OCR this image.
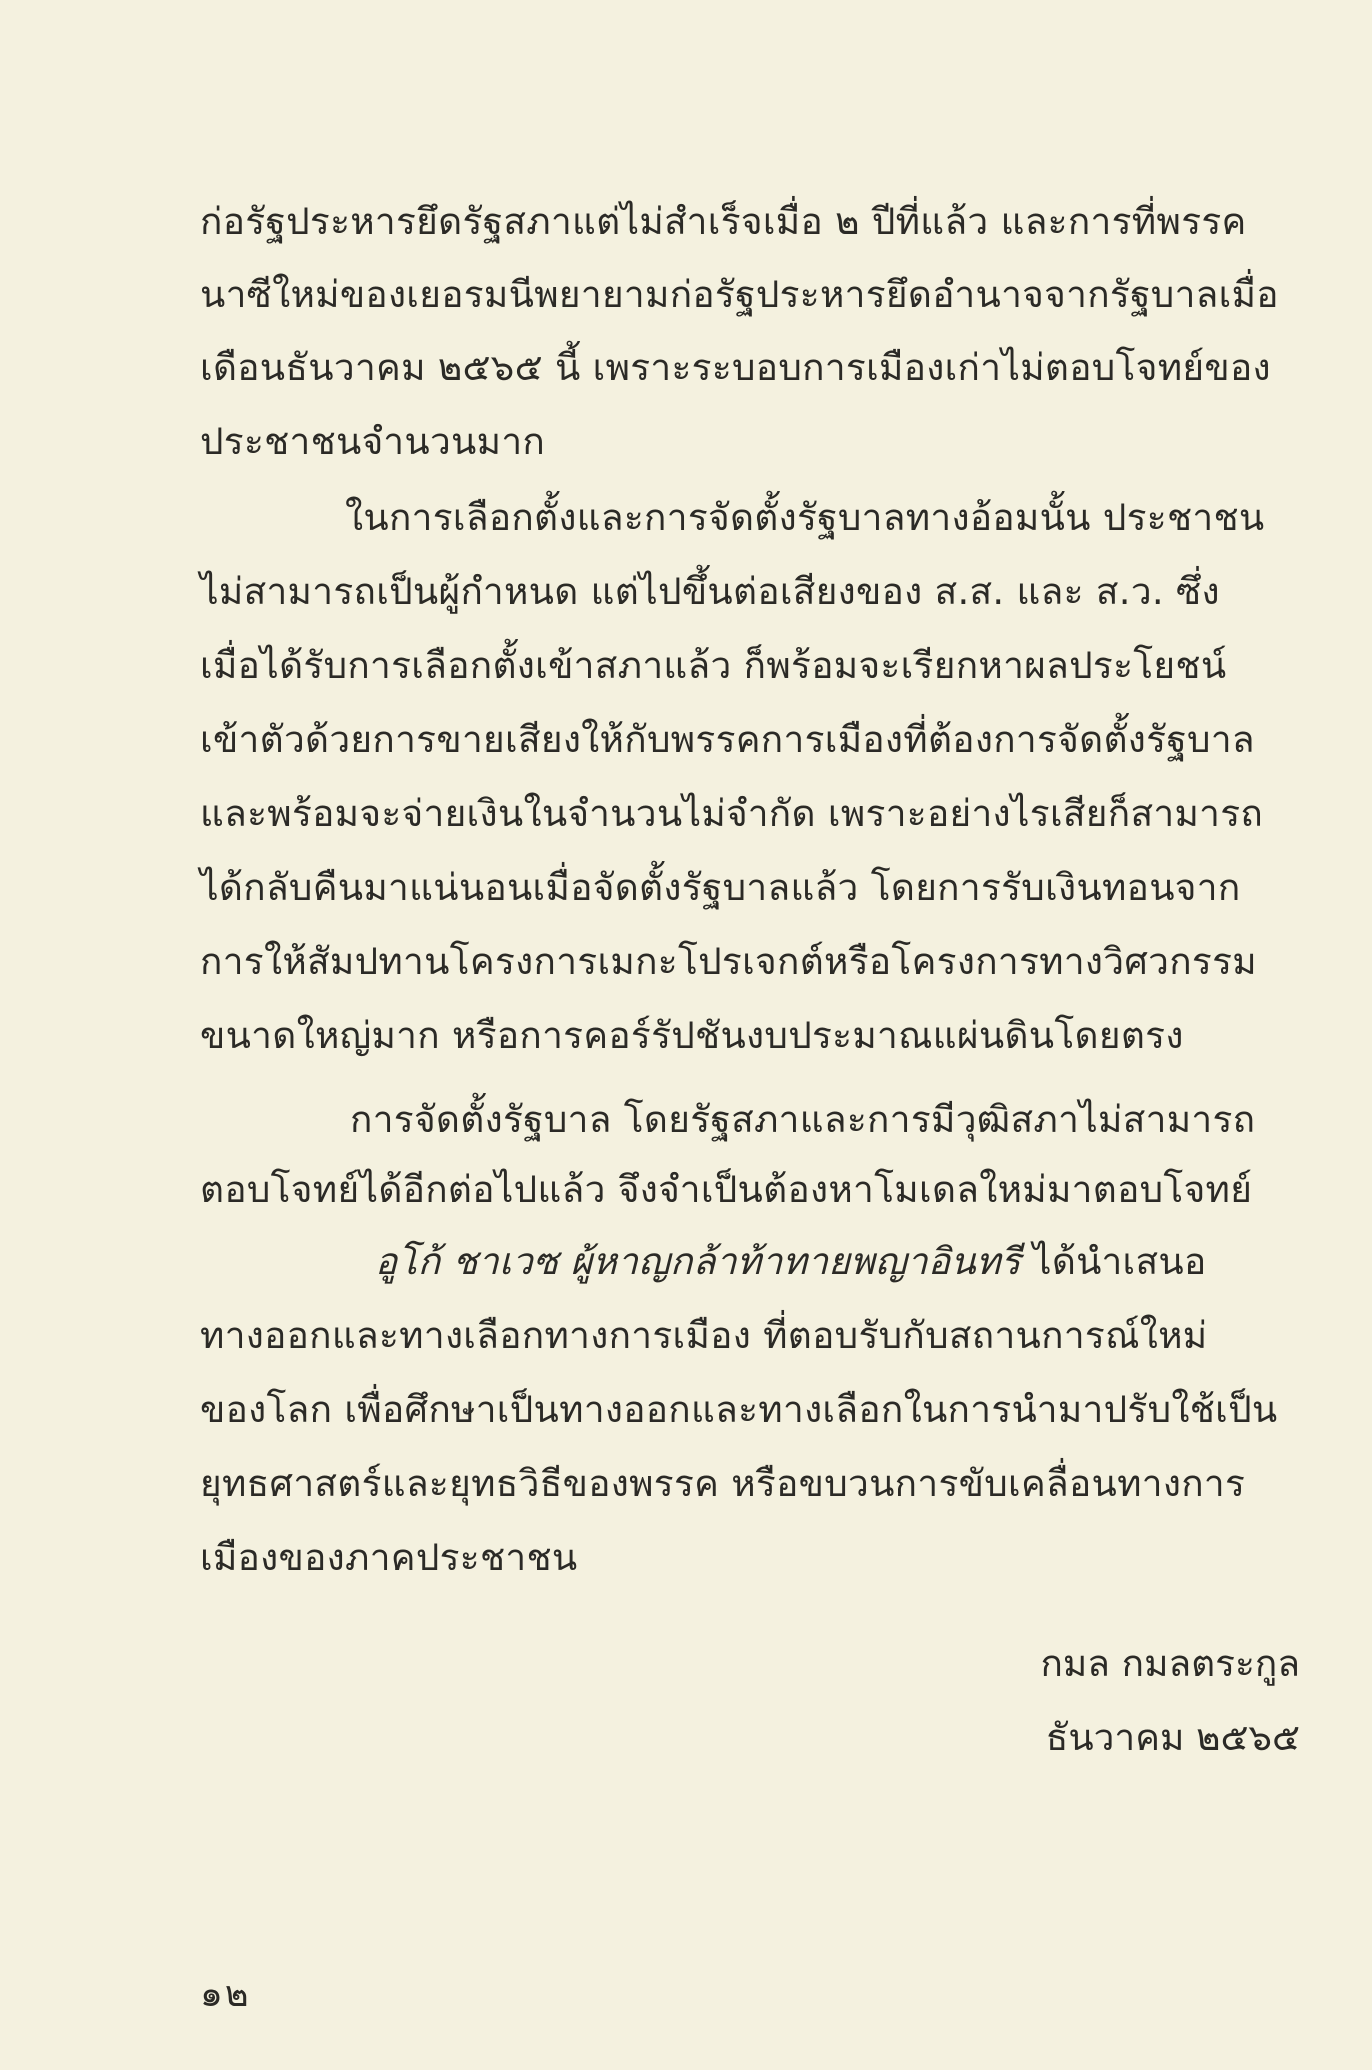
ก่อรัฐประหารยึดรัฐสภาแต่ไม่สำเร็จเมื่อ ๒ ปีที่แล้ว และการที่พรรค
นาซีใหม่ของเยอรมนีพยายามก่อรัฐประหารยึดอำนาจจากรัฐบาลเมื่อ
เดือนธันวาคม ๒๕๖๕ นี้ เพราะระบอบการเมืองเก่าไม่ตอบโจทย์ของ
ประชาชนจำนวนมาก
ในการเลือกตั้งและการจัดตั้งรัฐบาลทางอ้อมนั้น ประชาชน
ไม่สามารถเป็นผู้กำหนด แต่ไปขึ้นต่อเสียงของ ส.ส. และ ส.ว. ซึ่ง
เมื่อได้รับการเลือกตั้งเข้าสภาแล้ว ก็พร้อมจะเรียกหาผลประโยชน์
เข้าตัวด้วยการขายเสียงให้กับพรรคการเมืองที่ต้องการจัดตั้งรัฐบาล
และพร้อมจะจ่ายเงินในจำนวนไม่จำกัด เพราะอย่างไรเสียก็สามารถ
ได้กลับคืนมาแน่นอนเมื่อจัดตั้งรัฐบาลแล้ว โดยการรับเงินทอนจาก
การให้สัมปทานโครงการเมกะโปรเจกต์หรือโครงการทางวิศวกรรม
ขนาดใหญ่มาก หรือการคอร์รัปชันงบประมาณแผ่นดินโดยตรง
การจัดตั้งรัฐบาล โดยรัฐสภาและการมีวุฒิสภาไม่สามารถ
ตอบโจทย์ได้อีกต่อไปแล้ว จึงจำเป็นต้องหาโมเดลใหม่มาตอบโจทย์
อูโก้ ชาเวซ ผู้หาญกล้าท้าทายพญาอินทรี ได้นำเสนอ
ทางออกและทางเลือกทางการเมือง ที่ตอบรับกับสถานการณ์ใหม่
ของโลก เพื่อศึกษาเป็นทางออกและทางเลือกในการนำมาปรับใช้เป็น
ยุทธศาสตร์และยุทธวิธีของพรรค หรือขบวนการขับเคลื่อนทางการ
เมืองของภาคประชาชน
กมล กมลตระกูล
ธันวาคม ๒๕๖๕
๑๒
